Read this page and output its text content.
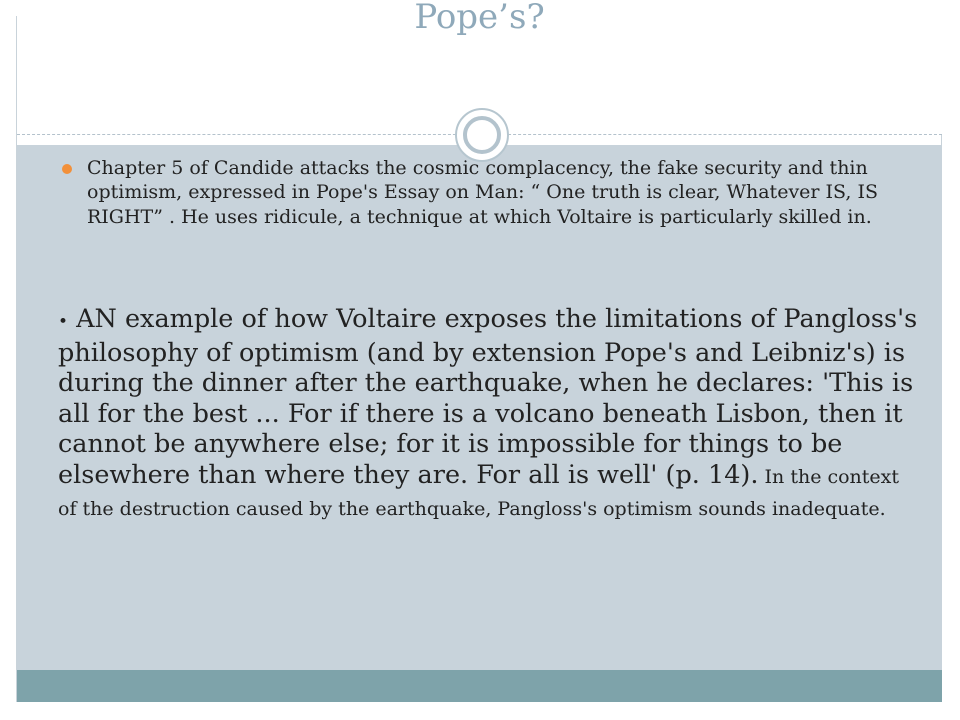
Pope’s?
Chapter 5 of Candide attacks the cosmic complacency, the fake security and thin optimism, expressed in Pope's Essay on Man: “ One truth is clear, Whatever IS, IS RIGHT” . He uses ridicule, a technique at which Voltaire is particularly skilled in.
• AN example of how Voltaire exposes the limitations of Pangloss's philosophy of optimism (and by extension Pope's and Leibniz's) is during the dinner after the earthquake, when he declares: 'This is all for the best ... For if there is a volcano beneath Lisbon, then it cannot be anywhere else; for it is impossible for things to be elsewhere than where they are. For all is well' (p. 14). In the context of the destruction caused by the earthquake, Pangloss's optimism sounds inadequate.
